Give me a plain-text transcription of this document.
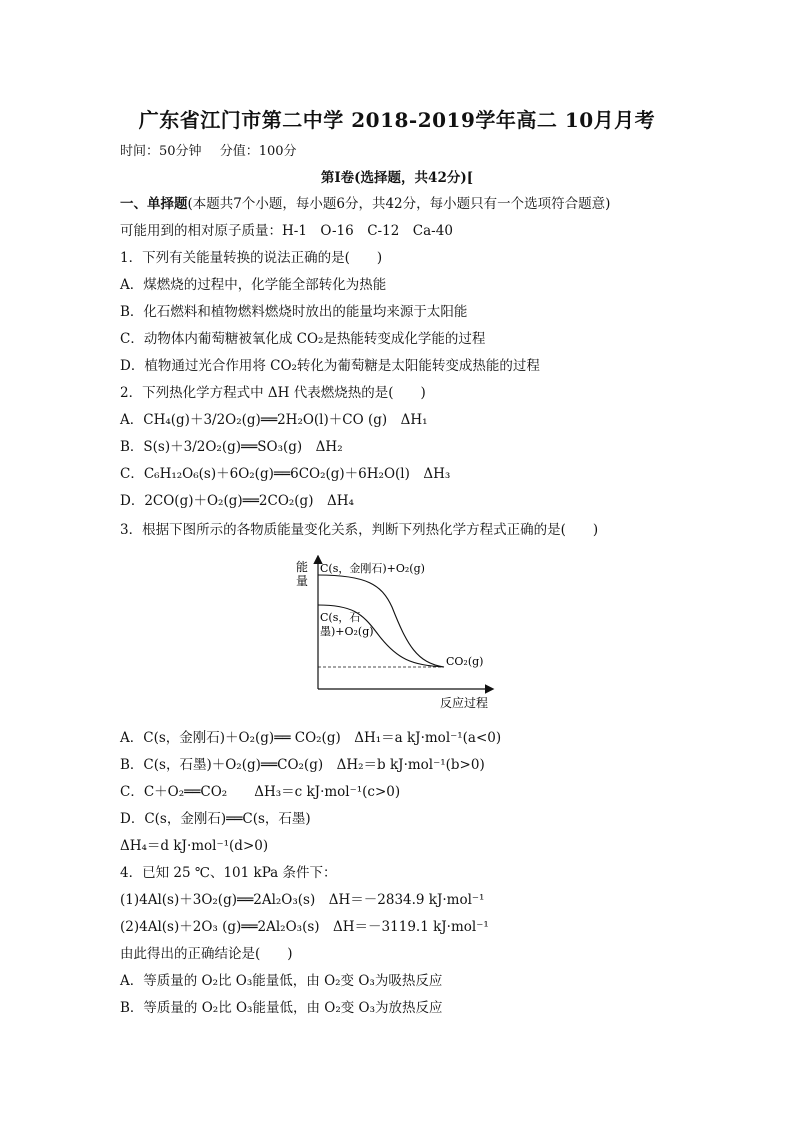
广东省江门市第二中学 2018-2019学年高二 10月月考
时间：50分钟 分值：100分
第Ⅰ卷(选择题，共42分)[
一、单择题(本题共7个小题，每小题6分，共42分，每小题只有一个选项符合题意)
可能用到的相对原子质量：H-1　O-16　C-12　Ca-40
1．下列有关能量转换的说法正确的是(　　)
A．煤燃烧的过程中，化学能全部转化为热能
B．化石燃料和植物燃料燃烧时放出的能量均来源于太阳能
C．动物体内葡萄糖被氧化成 CO₂是热能转变成化学能的过程
D．植物通过光合作用将 CO₂转化为葡萄糖是太阳能转变成热能的过程
2．下列热化学方程式中 ΔH 代表燃烧热的是(　　)
A．CH₄(g)＋3/2O₂(g)══2H₂O(l)＋CO (g)　ΔH₁
B．S(s)＋3/2O₂(g)══SO₃(g)　ΔH₂
C．C₆H₁₂O₆(s)＋6O₂(g)══6CO₂(g)＋6H₂O(l)　ΔH₃
D．2CO(g)＋O₂(g)══2CO₂(g)　ΔH₄
3．根据下图所示的各物质能量变化关系，判断下列热化学方程式正确的是(　　)
能
量
反应过程
C(s，金刚石)+O₂(g)
C(s，石
墨)+O₂(g)
CO₂(g)
A．C(s，金刚石)＋O₂(g)══ CO₂(g)　ΔH₁＝a kJ·mol⁻¹(a<0)
B．C(s，石墨)＋O₂(g)══CO₂(g)　ΔH₂＝b kJ·mol⁻¹(b>0)
C．C＋O₂══CO₂　　ΔH₃＝c kJ·mol⁻¹(c>0)
D．C(s，金刚石)══C(s，石墨)
ΔH₄＝d kJ·mol⁻¹(d>0)
4．已知 25 ℃、101 kPa 条件下：
(1)4Al(s)＋3O₂(g)══2Al₂O₃(s)　ΔH＝－2834.9 kJ·mol⁻¹
(2)4Al(s)＋2O₃ (g)══2Al₂O₃(s)　ΔH＝－3119.1 kJ·mol⁻¹
由此得出的正确结论是(　　)
A．等质量的 O₂比 O₃能量低，由 O₂变 O₃为吸热反应
B．等质量的 O₂比 O₃能量低，由 O₂变 O₃为放热反应
